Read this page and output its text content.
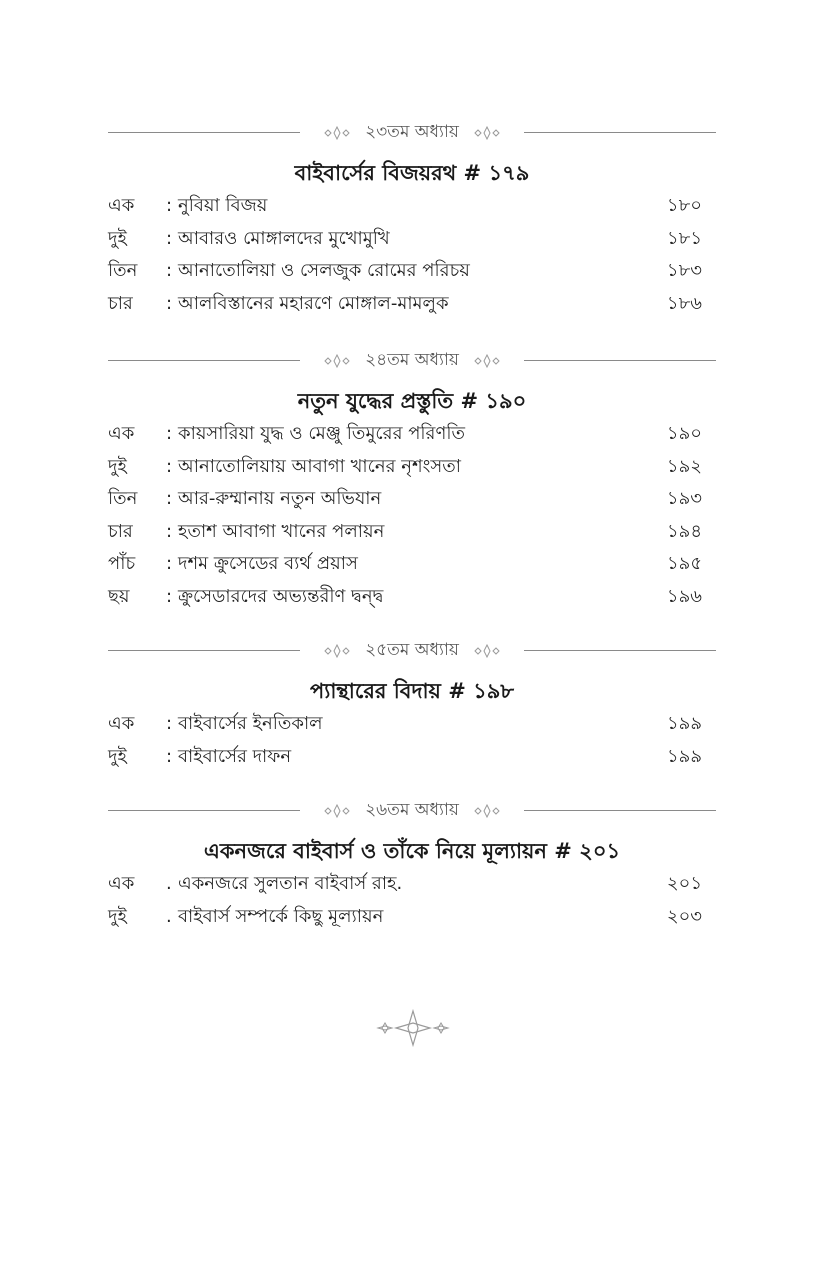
২৩তম অধ্যায়
বাইবার্সের বিজয়রথ # ১৭৯
এক : নুবিয়া বিজয়	১৮০
দুই : আবারও মোঙ্গালদের মুখোমুখি	১৮১
তিন : আনাতোলিয়া ও সেলজুক রোমের পরিচয়	১৮৩
চার : আলবিস্তানের মহারণে মোঙ্গাল-মামলুক	১৮৬
২৪তম অধ্যায়
নতুন যুদ্ধের প্রস্তুতি # ১৯০
এক : কায়সারিয়া যুদ্ধ ও মেঞ্জু তিমুরের পরিণতি	১৯০
দুই : আনাতোলিয়ায় আবাগা খানের নৃশংসতা	১৯২
তিন : আর-রুম্মানায় নতুন অভিযান	১৯৩
চার : হতাশ আবাগা খানের পলায়ন	১৯৪
পাঁচ : দশম ক্রুসেডের ব্যর্থ প্রয়াস	১৯৫
ছয় : ক্রুসেডারদের অভ্যন্তরীণ দ্বন্দ্ব	১৯৬
২৫তম অধ্যায়
প্যান্থারের বিদায় # ১৯৮
এক : বাইবার্সের ইনতিকাল	১৯৯
দুই : বাইবার্সের দাফন	১৯৯
২৬তম অধ্যায়
একনজরে বাইবার্স ও তাঁকে নিয়ে মূল্যায়ন # ২০১
এক . একনজরে সুলতান বাইবার্স রাহ.	২০১
দুই . বাইবার্স সম্পর্কে কিছু মূল্যায়ন	২০৩
